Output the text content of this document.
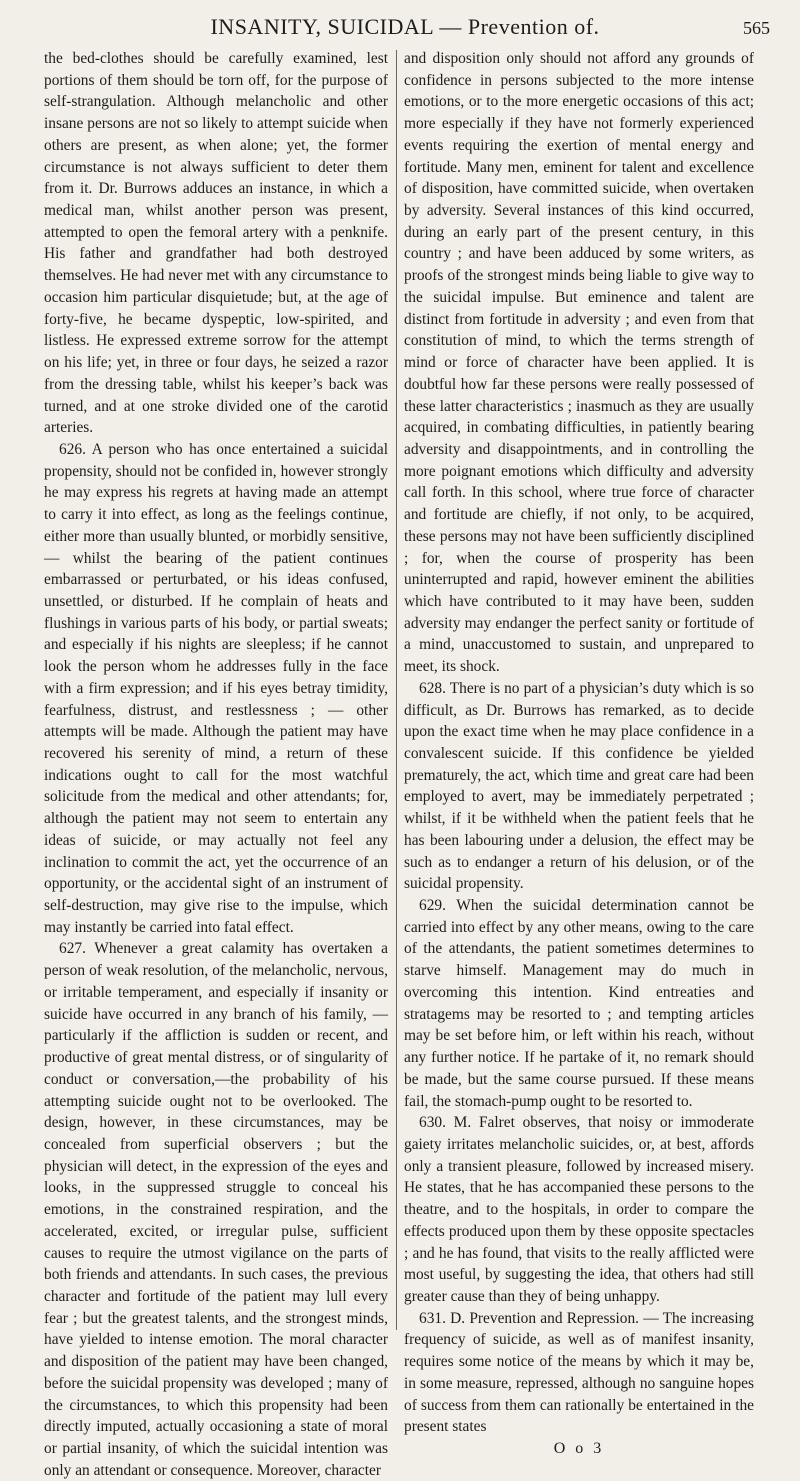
INSANITY, SUICIDAL — Prevention of.	565

the bed-clothes should be carefully examined, lest portions of them should be torn off, for the purpose of self-strangulation. Although melancholic and other insane persons are not so likely to attempt suicide when others are present, as when alone; yet, the former circumstance is not always sufficient to deter them from it. Dr. Burrows adduces an instance, in which a medical man, whilst another person was present, attempted to open the femoral artery with a penknife. His father and grandfather had both destroyed themselves. He had never met with any circumstance to occasion him particular disquietude; but, at the age of forty-five, he became dyspeptic, low-spirited, and listless. He expressed extreme sorrow for the attempt on his life; yet, in three or four days, he seized a razor from the dressing table, whilst his keeper’s back was turned, and at one stroke divided one of the carotid arteries.

626. A person who has once entertained a suicidal propensity, should not be confided in, however strongly he may express his regrets at having made an attempt to carry it into effect, as long as the feelings continue, either more than usually blunted, or morbidly sensitive, — whilst the bearing of the patient continues embarrassed or perturbated, or his ideas confused, unsettled, or disturbed. If he complain of heats and flushings in various parts of his body, or partial sweats; and especially if his nights are sleepless; if he cannot look the person whom he addresses fully in the face with a firm expression; and if his eyes betray timidity, fearfulness, distrust, and restlessness ; — other attempts will be made. Although the patient may have recovered his serenity of mind, a return of these indications ought to call for the most watchful solicitude from the medical and other attendants; for, although the patient may not seem to entertain any ideas of suicide, or may actually not feel any inclination to commit the act, yet the occurrence of an opportunity, or the accidental sight of an instrument of self-destruction, may give rise to the impulse, which may instantly be carried into fatal effect.

627. Whenever a great calamity has overtaken a person of weak resolution, of the melancholic, nervous, or irritable temperament, and especially if insanity or suicide have occurred in any branch of his family, — particularly if the affliction is sudden or recent, and productive of great mental distress, or of singularity of conduct or conversation,—the probability of his attempting suicide ought not to be overlooked. The design, however, in these circumstances, may be concealed from superficial observers ; but the physician will detect, in the expression of the eyes and looks, in the suppressed struggle to conceal his emotions, in the constrained respiration, and the accelerated, excited, or irregular pulse, sufficient causes to require the utmost vigilance on the parts of both friends and attendants. In such cases, the previous character and fortitude of the patient may lull every fear ; but the greatest talents, and the strongest minds, have yielded to intense emotion. The moral character and disposition of the patient may have been changed, before the suicidal propensity was developed ; many of the circumstances, to which this propensity had been directly imputed, actually occasioning a state of moral or partial insanity, of which the suicidal intention was only an attendant or consequence. Moreover, character

and disposition only should not afford any grounds of confidence in persons subjected to the more intense emotions, or to the more energetic occasions of this act; more especially if they have not formerly experienced events requiring the exertion of mental energy and fortitude. Many men, eminent for talent and excellence of disposition, have committed suicide, when overtaken by adversity. Several instances of this kind occurred, during an early part of the present century, in this country ; and have been adduced by some writers, as proofs of the strongest minds being liable to give way to the suicidal impulse. But eminence and talent are distinct from fortitude in adversity ; and even from that constitution of mind, to which the terms strength of mind or force of character have been applied. It is doubtful how far these persons were really possessed of these latter characteristics ; inasmuch as they are usually acquired, in combating difficulties, in patiently bearing adversity and disappointments, and in controlling the more poignant emotions which difficulty and adversity call forth. In this school, where true force of character and fortitude are chiefly, if not only, to be acquired, these persons may not have been sufficiently disciplined ; for, when the course of prosperity has been uninterrupted and rapid, however eminent the abilities which have contributed to it may have been, sudden adversity may endanger the perfect sanity or fortitude of a mind, unaccustomed to sustain, and unprepared to meet, its shock.

628. There is no part of a physician’s duty which is so difficult, as Dr. Burrows has remarked, as to decide upon the exact time when he may place confidence in a convalescent suicide. If this confidence be yielded prematurely, the act, which time and great care had been employed to avert, may be immediately perpetrated ; whilst, if it be withheld when the patient feels that he has been labouring under a delusion, the effect may be such as to endanger a return of his delusion, or of the suicidal propensity.

629. When the suicidal determination cannot be carried into effect by any other means, owing to the care of the attendants, the patient sometimes determines to starve himself. Management may do much in overcoming this intention. Kind entreaties and stratagems may be resorted to ; and tempting articles may be set before him, or left within his reach, without any further notice. If he partake of it, no remark should be made, but the same course pursued. If these means fail, the stomach-pump ought to be resorted to.

630. M. Falret observes, that noisy or immoderate gaiety irritates melancholic suicides, or, at best, affords only a transient pleasure, followed by increased misery. He states, that he has accompanied these persons to the theatre, and to the hospitals, in order to compare the effects produced upon them by these opposite spectacles ; and he has found, that visits to the really afflicted were most useful, by suggesting the idea, that others had still greater cause than they of being unhappy.

631. D. Prevention and Repression. — The increasing frequency of suicide, as well as of manifest insanity, requires some notice of the means by which it may be, in some measure, repressed, although no sanguine hopes of success from them can rationally be entertained in the present states

O o 3
